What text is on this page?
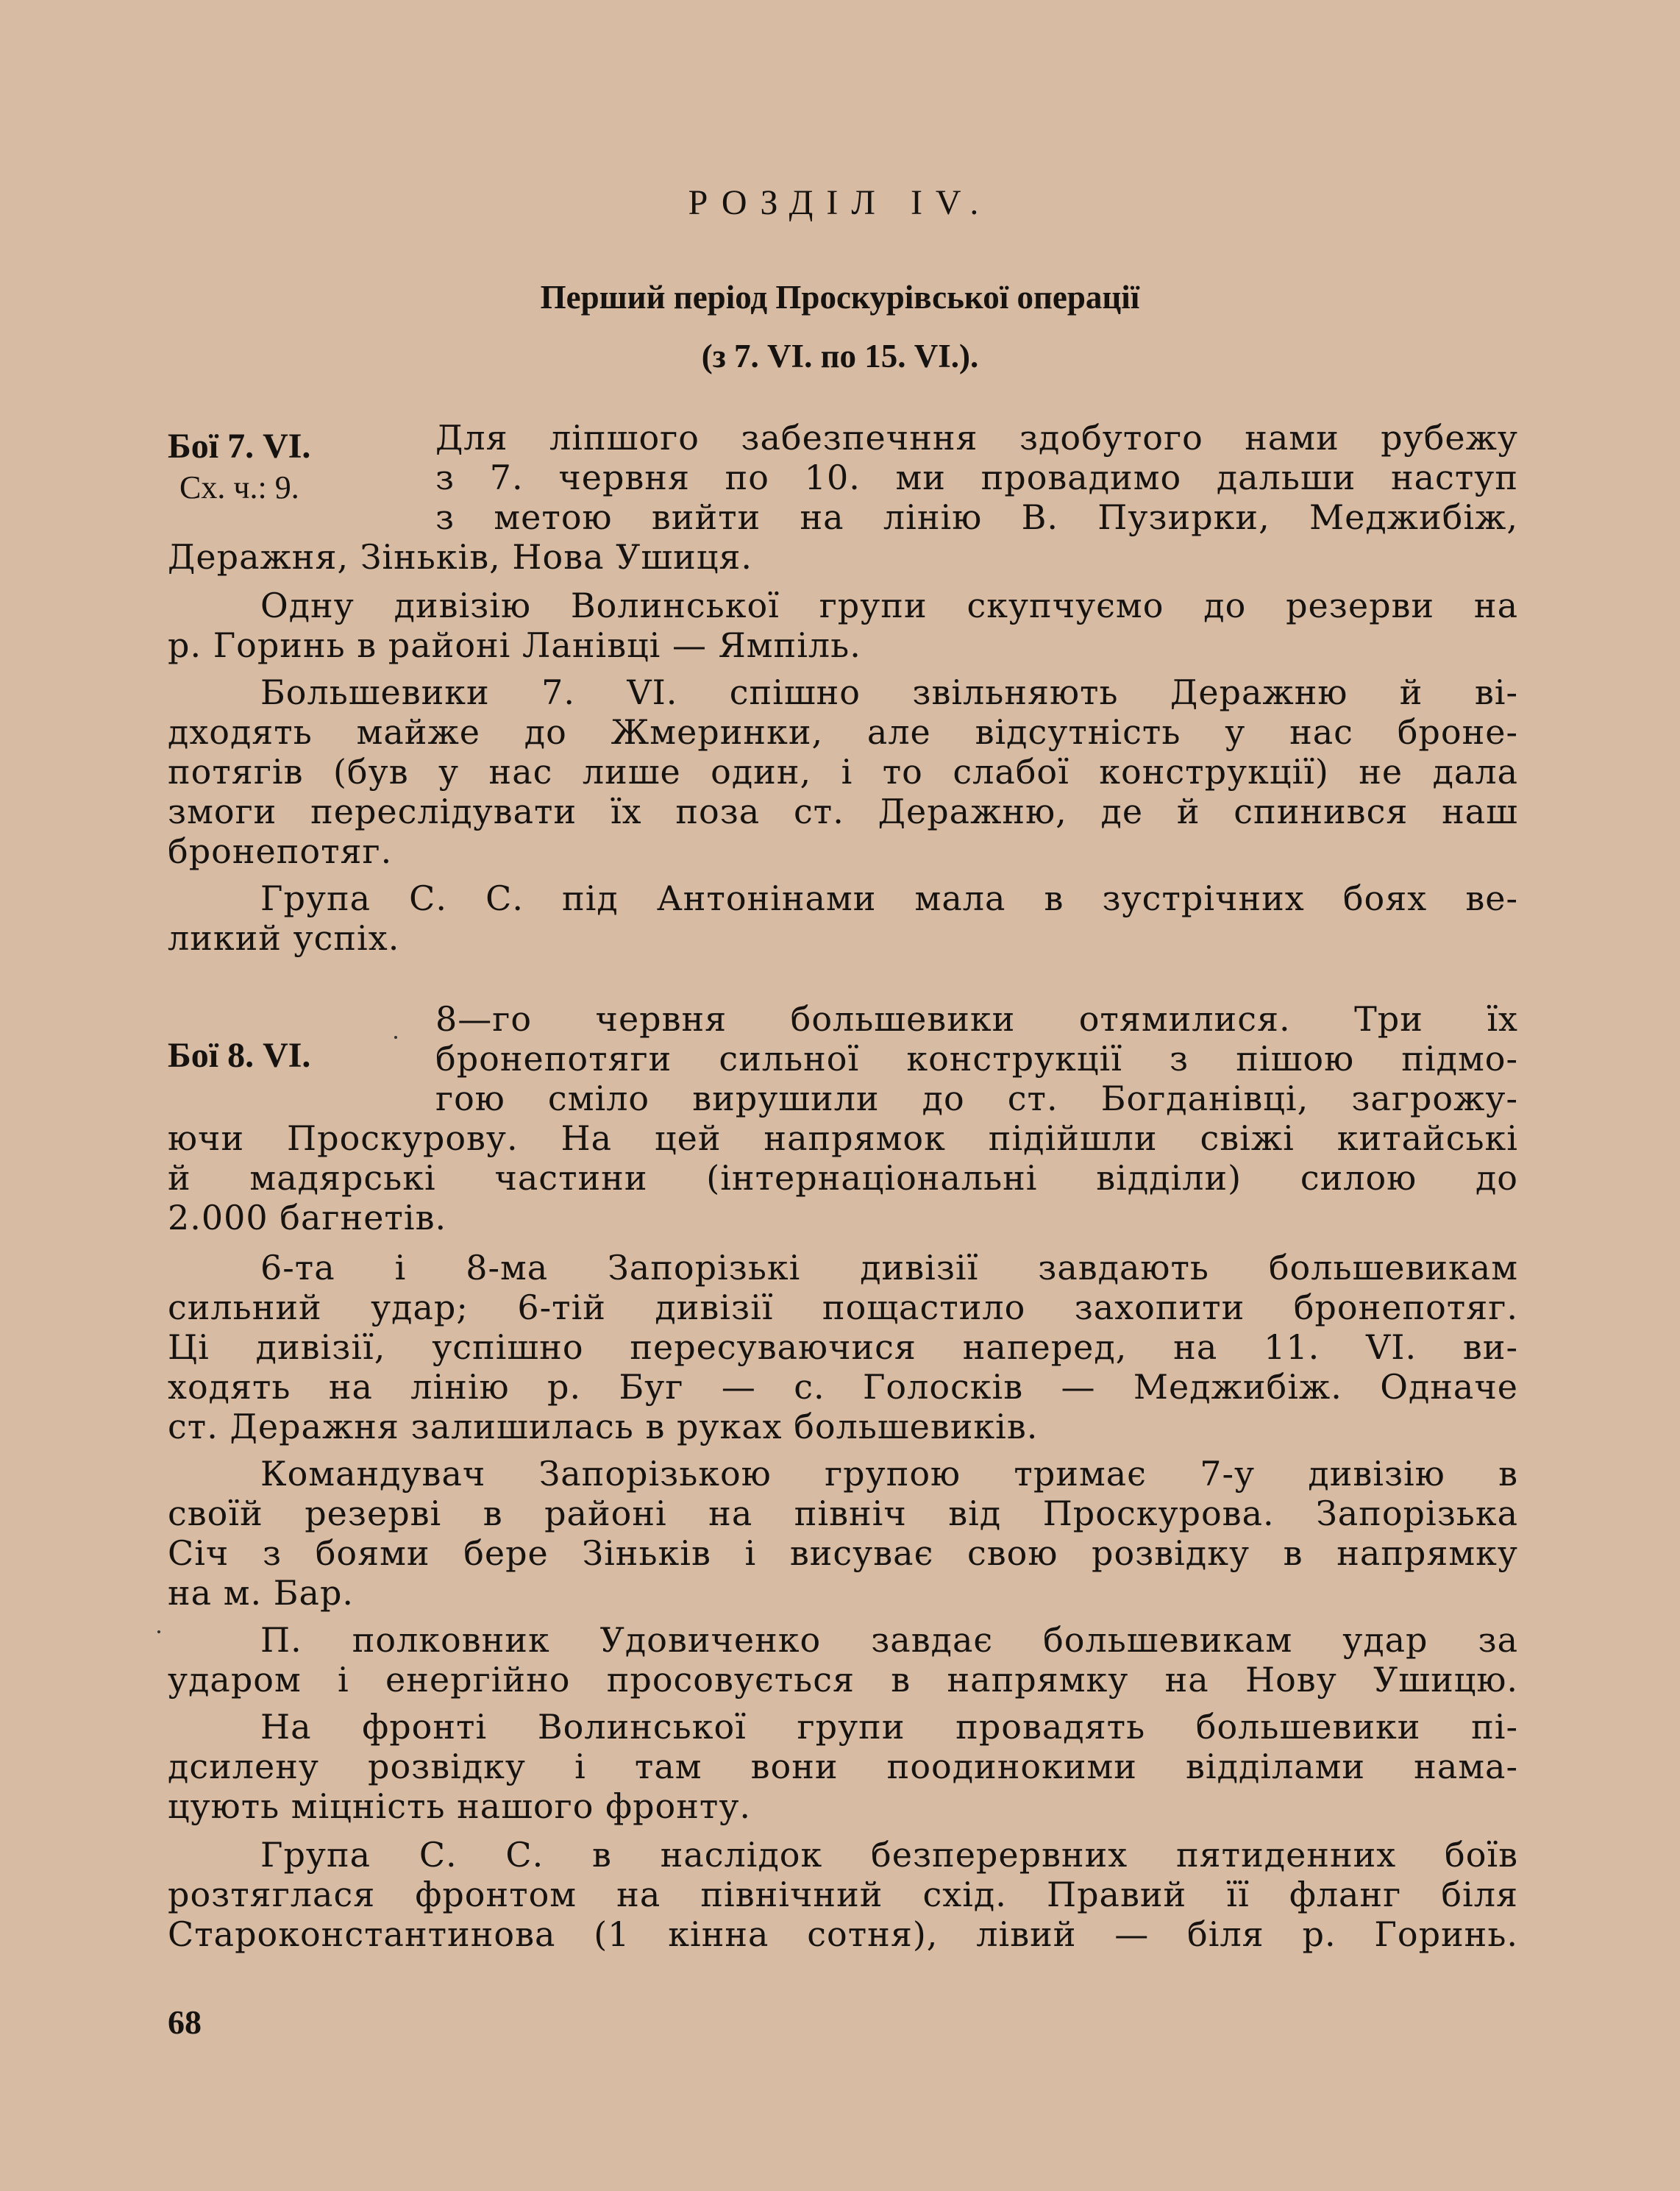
РОЗДІЛ IV.
Перший період Проскурівської операції
(з 7. VI. по 15. VI.).
Бої 7. VI.
Сх. ч.: 9.
Бої 8. VI.
Для ліпшого забезпечння здобутого нами рубежу
з 7. червня по 10. ми провадимо дальши наступ
з метою вийти на лінію В. Пузирки, Меджибіж,
Деражня, Зіньків, Нова Ушиця.
Одну дивізію Волинської групи скупчуємо до резерви на
р. Горинь в районі Ланівці — Ямпіль.
Большевики 7. VI. спішно звільняють Деражню й ві-
дходять майже до Жмеринки, але відсутність у нас броне-
потягів (був у нас лише один, і то слабої конструкції) не дала
змоги переслідувати їх поза ст. Деражню, де й спинився наш
бронепотяг.
Група С. С. під Антонінами мала в зустрічних боях ве-
ликий успіх.
8—го червня большевики отямилися. Три їх
бронепотяги сильної конструкції з пішою підмо-
гою сміло вирушили до ст. Богданівці, загрожу-
ючи Проскурову. На цей напрямок підійшли свіжі китайські
й мадярські частини (інтернаціональні відділи) силою до
2.000 багнетів.
6-та і 8-ма Запорізькі дивізії завдають большевикам
сильний удар; 6-тій дивізії пощастило захопити бронепотяг.
Ці дивізії, успішно пересуваючися наперед, на 11. VI. ви-
ходять на лінію р. Буг — с. Голосків — Меджибіж. Одначе
ст. Деражня залишилась в руках большевиків.
Командувач Запорізькою групою тримає 7-у дивізію в
своїй резерві в районі на північ від Проскурова. Запорізька
Січ з боями бере Зіньків і висуває свою розвідку в напрямку
на м. Бар.
П. полковник Удовиченко завдає большевикам удар за
ударом і енергійно просовується в напрямку на Нову Ушицю.
На фронті Волинської групи провадять большевики пі-
дсилену розвідку і там вони поодинокими відділами нама-
цують міцність нашого фронту.
Група С. С. в наслідок безперервних пятиденних боїв
розтяглася фронтом на північний схід. Правий її фланг біля
Староконстантинова (1 кінна сотня), лівий — біля р. Горинь.
68
